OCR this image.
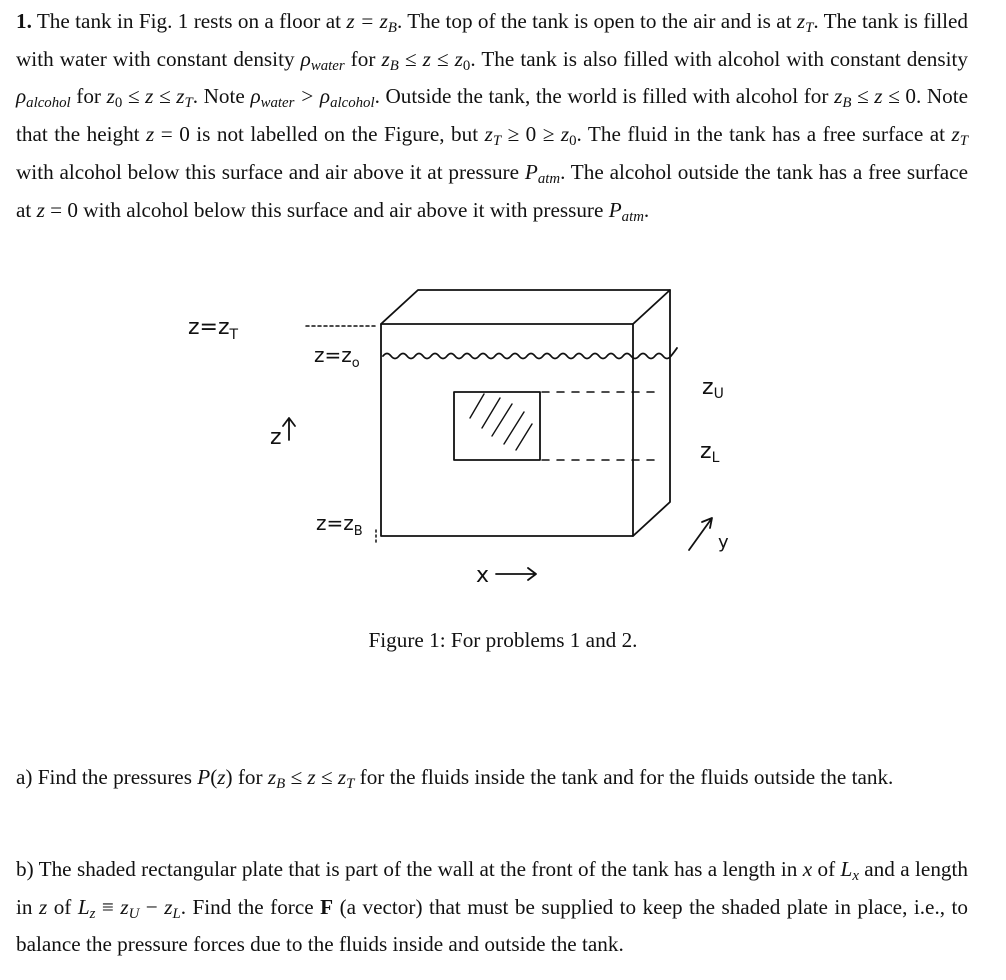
1. The tank in Fig. 1 rests on a floor at $z = z_B$. The top of the tank is open to the air and is at $z_T$. The tank is filled with water with constant density $\rho_{water}$ for $z_B \le z \le z0$. The tank is also filled with alcohol with constant density $\rho_{alcohol}$ for $z0 \le z \le z_T$. Note $\rho_{water} > \rho_{alcohol}$. Outside the tank, the world is filled with alcohol for $z_B \le z \le 0$. Note that the height z = 0 is not labelled on the Figure, but $z_T \ge 0 \ge z0$. The fluid in the tank has a free surface at $z_T$ with alcohol below this surface and air above it at pressure $P_{atm}$. The alcohol outside the tank has a free surface at z = 0 with alcohol below this surface and air above it with pressure $P_{atm}$.

$z=z_T$
$z=z_o$
z
$z=z_B$
x
y
zU
zL
Figure 1: For problems 1 and 2.

a) Find the pressures P(z) for $z_B \le z \le z_T$ for the fluids inside the tank and for the fluids outside the tank.

b) The shaded rectangular plate that is part of the wall at the front of the tank has a length in x of $L_x$ and a length in z of $L_z \equiv z_U - z_L$. Find the force F (a vector) that must be supplied to keep the shaded plate in place, i.e., to balance the pressure forces due to the fluids inside and outside the tank.
